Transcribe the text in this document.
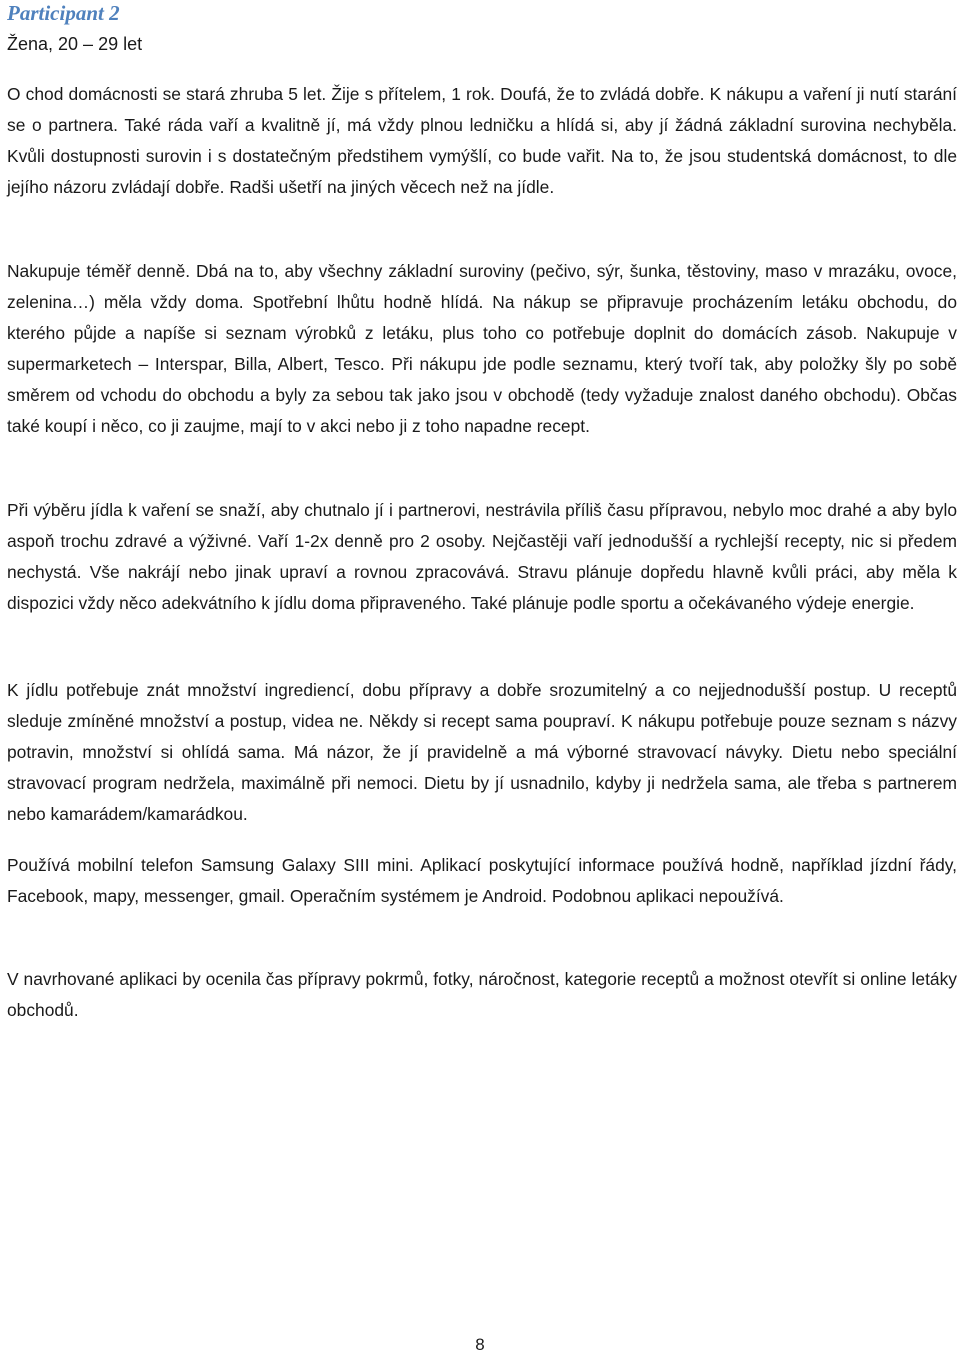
Participant 2

Žena, 20 – 29 let

O chod domácnosti se stará zhruba 5 let. Žije s přítelem, 1 rok. Doufá, že to zvládá dobře. K nákupu a vaření ji nutí starání se o partnera. Také ráda vaří a kvalitně jí, má vždy plnou ledničku a hlídá si, aby jí žádná základní surovina nechyběla. Kvůli dostupnosti surovin i s dostatečným předstihem vymýšlí, co bude vařit. Na to, že jsou studentská domácnost, to dle jejího názoru zvládají dobře. Radši ušetří na jiných věcech než na jídle.

Nakupuje téměř denně. Dbá na to, aby všechny základní suroviny (pečivo, sýr, šunka, těstoviny, maso v mrazáku, ovoce, zelenina…) měla vždy doma. Spotřební lhůtu hodně hlídá. Na nákup se připravuje procházením letáku obchodu, do kterého půjde a napíše si seznam výrobků z letáku, plus toho co potřebuje doplnit do domácích zásob. Nakupuje v supermarketech – Interspar, Billa, Albert, Tesco. Při nákupu jde podle seznamu, který tvoří tak, aby položky šly po sobě směrem od vchodu do obchodu a byly za sebou tak jako jsou v obchodě (tedy vyžaduje znalost daného obchodu). Občas také koupí i něco, co ji zaujme, mají to v akci nebo ji z toho napadne recept.

Při výběru jídla k vaření se snaží, aby chutnalo jí i partnerovi, nestrávila příliš času přípravou, nebylo moc drahé a aby bylo aspoň trochu zdravé a výživné. Vaří 1-2x denně pro 2 osoby. Nejčastěji vaří jednodušší a rychlejší recepty, nic si předem nechystá. Vše nakrájí nebo jinak upraví a rovnou zpracovává. Stravu plánuje dopředu hlavně kvůli práci, aby měla k dispozici vždy něco adekvátního k jídlu doma připraveného. Také plánuje podle sportu a očekávaného výdeje energie.

K jídlu potřebuje znát množství ingrediencí, dobu přípravy a dobře srozumitelný a co nejjednodušší postup. U receptů sleduje zmíněné množství a postup, videa ne. Někdy si recept sama poupraví. K nákupu potřebuje pouze seznam s názvy potravin, množství si ohlídá sama. Má názor, že jí pravidelně a má výborné stravovací návyky. Dietu nebo speciální stravovací program nedržela, maximálně při nemoci. Dietu by jí usnadnilo, kdyby ji nedržela sama, ale třeba s partnerem nebo kamarádem/kamarádkou.

Používá mobilní telefon Samsung Galaxy SIII mini. Aplikací poskytující informace používá hodně, například jízdní řády, Facebook, mapy, messenger, gmail. Operačním systémem je Android. Podobnou aplikaci nepoužívá.

V navrhované aplikaci by ocenila čas přípravy pokrmů, fotky, náročnost, kategorie receptů a možnost otevřít si online letáky obchodů.

8
